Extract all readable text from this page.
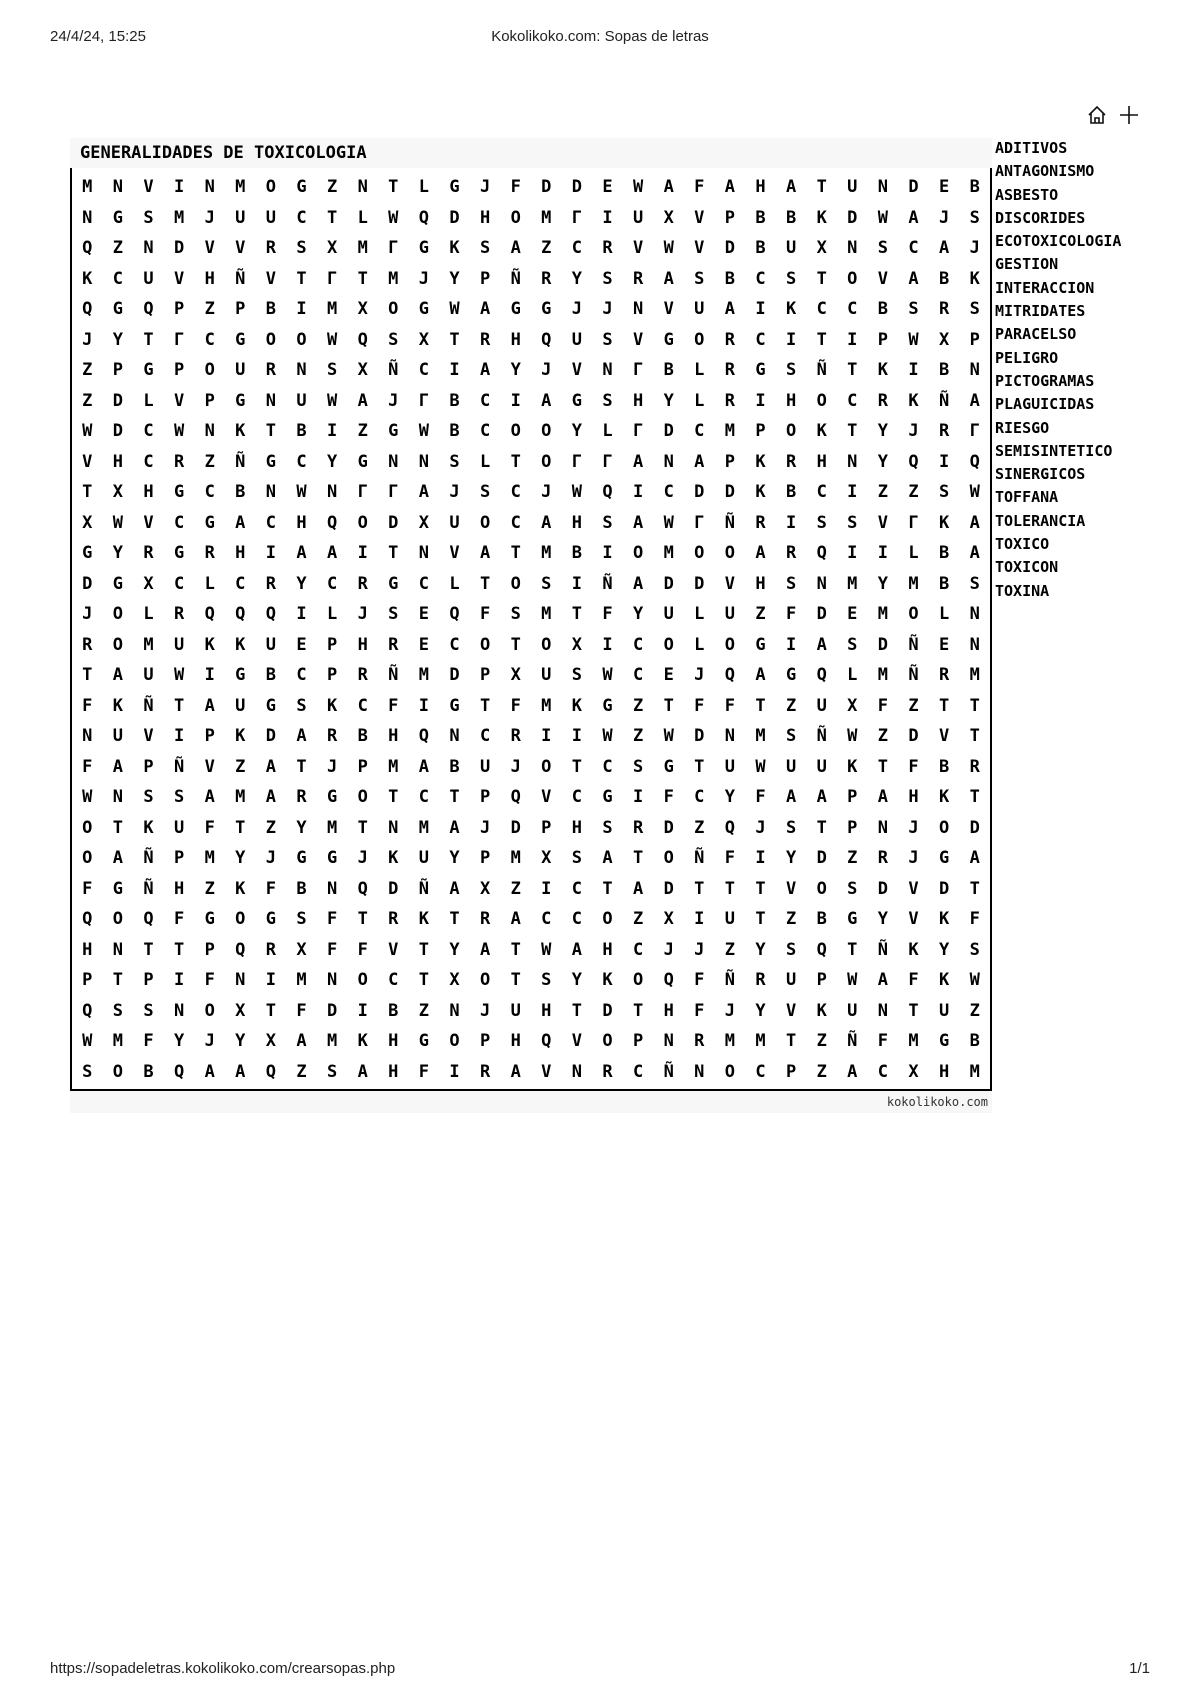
24/4/24, 15:25	Kokolikoko.com: Sopas de letras
GENERALIDADES DE TOXICOLOGIA
M	N	V	I	N	M	O	G	Z	N	T	L	G	J	F	D	D	E	W	A	F	A	H	A	T	U	N	D	E	B
N	G	S	M	J	U	U	C	T	L	W	Q	D	H	O	M	Γ	I	U	X	V	P	B	B	K	D	W	A	J	S
Q	Z	N	D	V	V	R	S	X	M	Γ	G	K	S	A	Z	C	R	V	W	V	D	B	U	X	N	S	C	A	J
K	C	U	V	H	Ñ	V	T	Γ	T	M	J	Y	P	Ñ	R	Y	S	R	A	S	B	C	S	T	O	V	A	B	K
Q	G	Q	P	Z	P	B	I	M	X	O	G	W	A	G	G	J	J	N	V	U	A	I	K	C	C	B	S	R	S
J	Y	T	Γ	C	G	O	O	W	Q	S	X	T	R	H	Q	U	S	V	G	O	R	C	I	T	I	P	W	X	P
Z	P	G	P	O	U	R	N	S	X	Ñ	C	I	A	Y	J	V	N	Γ	B	L	R	G	S	Ñ	T	K	I	B	N
Z	D	L	V	P	G	N	U	W	A	J	Γ	B	C	I	A	G	S	H	Y	L	R	I	H	O	C	R	K	Ñ	A
W	D	C	W	N	K	T	B	I	Z	G	W	B	C	O	O	Y	L	Γ	D	C	M	P	O	K	T	Y	J	R	Γ
V	H	C	R	Z	Ñ	G	C	Y	G	N	N	S	L	T	O	Γ	Γ	A	N	A	P	K	R	H	N	Y	Q	I	Q
T	X	H	G	C	B	N	W	N	Γ	Γ	A	J	S	C	J	W	Q	I	C	D	D	K	B	C	I	Z	Z	S	W
X	W	V	C	G	A	C	H	Q	O	D	X	U	O	C	A	H	S	A	W	Γ	Ñ	R	I	S	S	V	Γ	K	A
G	Y	R	G	R	H	I	A	A	I	T	N	V	A	T	M	B	I	O	M	O	O	A	R	Q	I	I	L	B	A
D	G	X	C	L	C	R	Y	C	R	G	C	L	T	O	S	I	Ñ	A	D	D	V	H	S	N	M	Y	M	B	S
J	O	L	R	Q	Q	Q	I	L	J	S	E	Q	F	S	M	T	F	Y	U	L	U	Z	F	D	E	M	O	L	N
R	O	M	U	K	K	U	E	P	H	R	E	C	O	T	O	X	I	C	O	L	O	G	I	A	S	D	Ñ	E	N
T	A	U	W	I	G	B	C	P	R	Ñ	M	D	P	X	U	S	W	C	E	J	Q	A	G	Q	L	M	Ñ	R	M
F	K	Ñ	T	A	U	G	S	K	C	F	I	G	T	F	M	K	G	Z	T	F	F	T	Z	U	X	F	Z	T	T
N	U	V	I	P	K	D	A	R	B	H	Q	N	C	R	I	I	W	Z	W	D	N	M	S	Ñ	W	Z	D	V	T
F	A	P	Ñ	V	Z	A	T	J	P	M	A	B	U	J	O	T	C	S	G	T	U	W	U	U	K	T	F	B	R
W	N	S	S	A	M	A	R	G	O	T	C	T	P	Q	V	C	G	I	F	C	Y	F	A	A	P	A	H	K	T
O	T	K	U	F	T	Z	Y	M	T	N	M	A	J	D	P	H	S	R	D	Z	Q	J	S	T	P	N	J	O	D
O	A	Ñ	P	M	Y	J	G	G	J	K	U	Y	P	M	X	S	A	T	O	Ñ	F	I	Y	D	Z	R	J	G	A
F	G	Ñ	H	Z	K	F	B	N	Q	D	Ñ	A	X	Z	I	C	T	A	D	T	T	T	V	O	S	D	V	D	T
Q	O	Q	F	G	O	G	S	F	T	R	K	T	R	A	C	C	O	Z	X	I	U	T	Z	B	G	Y	V	K	F
H	N	T	T	P	Q	R	X	F	F	V	T	Y	A	T	W	A	H	C	J	J	Z	Y	S	Q	T	Ñ	K	Y	S
P	T	P	I	F	N	I	M	N	O	C	T	X	O	T	S	Y	K	O	Q	F	Ñ	R	U	P	W	A	F	K	W
Q	S	S	N	O	X	T	F	D	I	B	Z	N	J	U	H	T	D	T	H	F	J	Y	V	K	U	N	T	U	Z
W	M	F	Y	J	Y	X	A	M	K	H	G	O	P	H	Q	V	O	P	N	R	M	M	T	Z	Ñ	F	M	G	B
S	O	B	Q	A	A	Q	Z	S	A	H	F	I	R	A	V	N	R	C	Ñ	N	O	C	P	Z	A	C	X	H	M
kokolikoko.com
ADITIVOS
ANTAGONISMO
ASBESTO
DISCORIDES
ECOTOXICOLOGIA
GESTION
INTERACCION
MITRIDATES
PARACELSO
PELIGRO
PICTOGRAMAS
PLAGUICIDAS
RIESGO
SEMISINTETICO
SINERGICOS
TOFFANA
TOLERANCIA
TOXICO
TOXICON
TOXINA
https://sopadeletras.kokolikoko.com/crearsopas.php	1/1
